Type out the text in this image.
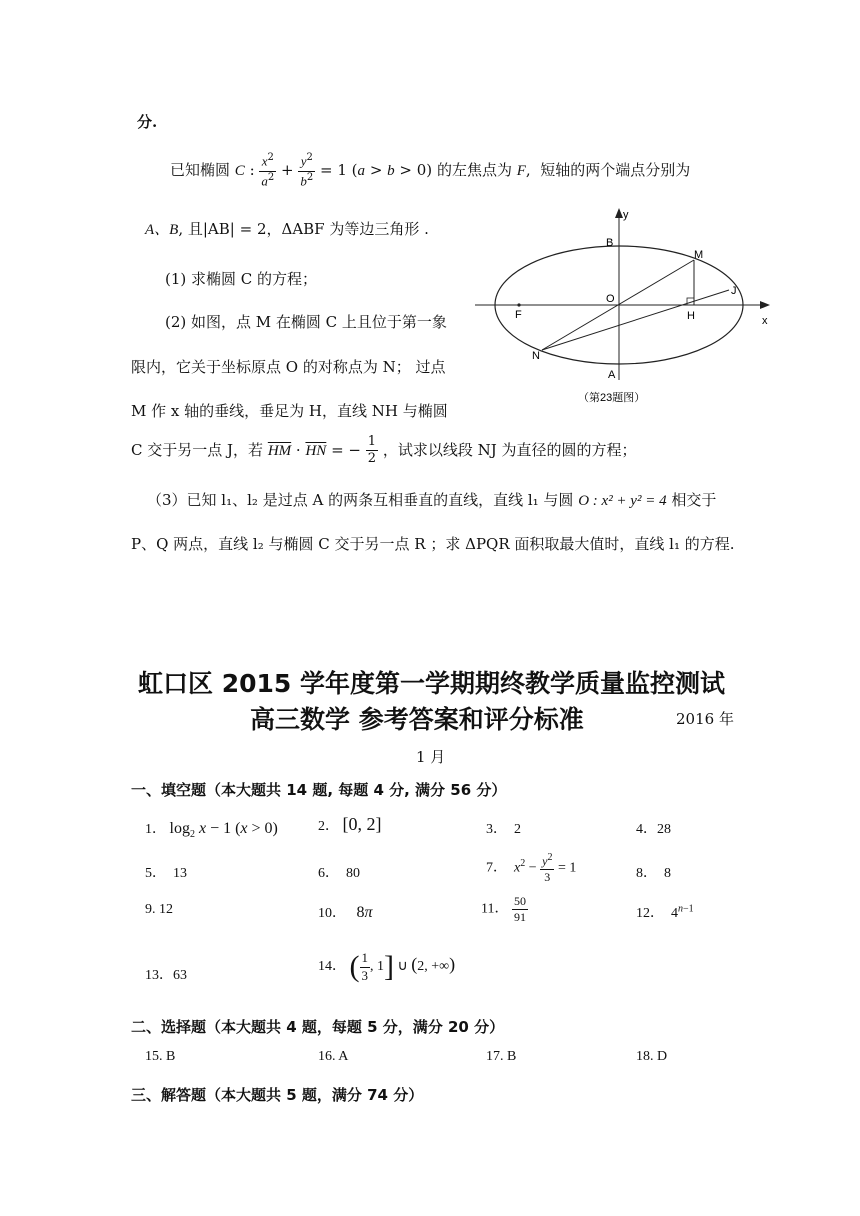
分.
已知椭圆 C : $\frac{x^2}{a^2} + \frac{y^2}{b^2} = 1$ (a > b > 0) 的左焦点为 F,  短轴的两个端点分别为
A、B, 且|AB| = 2，ΔABF 为等边三角形 .
(1) 求椭圆 C 的方程；
(2) 如图，点 M 在椭圆 C 上且位于第一象
限内，它关于坐标原点 O 的对称点为 N； 过点
M 作 x 轴的垂线，垂足为 H，直线 NH 与椭圆
C 交于另一点 J，若 $\overline{HM} \cdot \overline{HN}$ = − $\frac{1}{2}$ ，试求以线段 NJ 为直径的圆的方程；
（3）已知 l₁、l₂ 是过点 A 的两条互相垂直的直线，直线 l₁ 与圆 O : x² + y² = 4 相交于
P、Q 两点，直线 l₂ 与椭圆 C 交于另一点 R ；求 ΔPQR 面积取最大值时，直线 l₁ 的方程.
y
x
B
M
J
O
F	H
N
A
（第23题图）
虹口区 2015 学年度第一学期期终教学质量监控测试
高三数学 参考答案和评分标准	2016 年
1 月
一、填空题（本大题共 14 题, 每题 4 分, 满分 56 分）
1． $\log_2 x - 1$ (x > 0)	2． [0, 2]	3． 2	4．28
5． 13	6． 80	7． $x^2 - \frac{y^2}{3} = 1$	8． 8
9. 12	10． 8π	11． $\frac{50}{91}$	12．  $4^{n-1}$
13．63
14． ( $\frac{1}{3}$ , 1] ∪ (2, +∞)
二、选择题（本大题共 4 题，每题 5 分，满分 20 分）
15. B	16. A	17. B	18. D
三、解答题（本大题共 5 题，满分 74 分）
